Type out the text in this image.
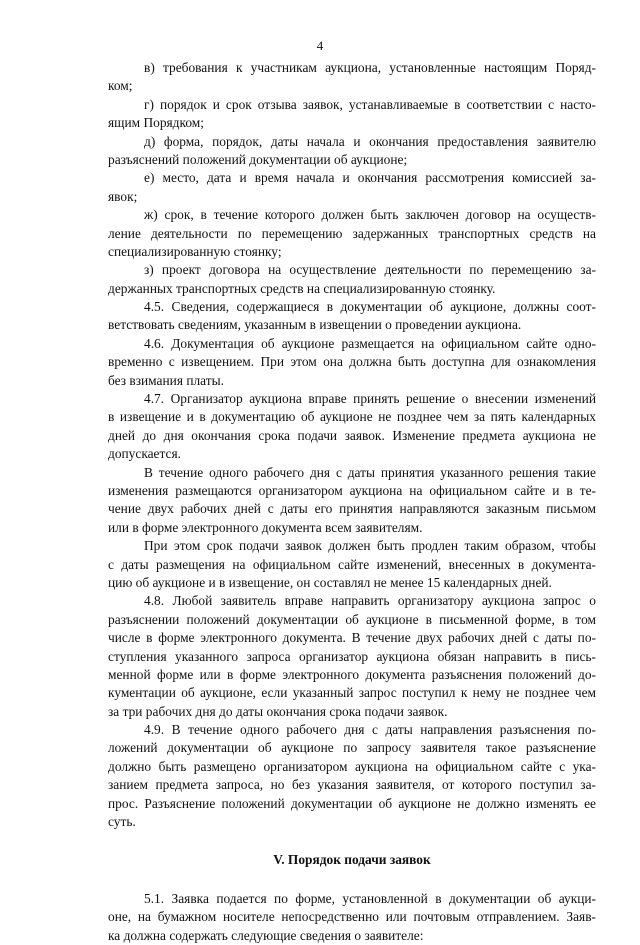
4
в) требования к участникам аукциона, установленные настоящим Поряд-
ком;
г) порядок и срок отзыва заявок, устанавливаемые в соответствии с насто-
ящим Порядком;
д) форма, порядок, даты начала и окончания предоставления заявителю
разъяснений положений документации об аукционе;
е) место, дата и время начала и окончания рассмотрения комиссией за-
явок;
ж) срок, в течение которого должен быть заключен договор на осуществ-
ление деятельности по перемещению задержанных транспортных средств на
специализированную стоянку;
з) проект договора на осуществление деятельности по перемещению за-
держанных транспортных средств на специализированную стоянку.
4.5. Сведения, содержащиеся в документации об аукционе, должны соот-
ветствовать сведениям, указанным в извещении о проведении аукциона.
4.6. Документация об аукционе размещается на официальном сайте одно-
временно с извещением. При этом она должна быть доступна для ознакомления
без взимания платы.
4.7. Организатор аукциона вправе принять решение о внесении изменений
в извещение и в документацию об аукционе не позднее чем за пять календарных
дней до дня окончания срока подачи заявок. Изменение предмета аукциона не
допускается.
В течение одного рабочего дня с даты принятия указанного решения такие
изменения размещаются организатором аукциона на официальном сайте и в те-
чение двух рабочих дней с даты его принятия направляются заказным письмом
или в форме электронного документа всем заявителям.
При этом срок подачи заявок должен быть продлен таким образом, чтобы
с даты размещения на официальном сайте изменений, внесенных в документа-
цию об аукционе и в извещение, он составлял не менее 15 календарных дней.
4.8. Любой заявитель вправе направить организатору аукциона запрос о
разъяснении положений документации об аукционе в письменной форме, в том
числе в форме электронного документа. В течение двух рабочих дней с даты по-
ступления указанного запроса организатор аукциона обязан направить в пись-
менной форме или в форме электронного документа разъяснения положений до-
кументации об аукционе, если указанный запрос поступил к нему не позднее чем
за три рабочих дня до даты окончания срока подачи заявок.
4.9. В течение одного рабочего дня с даты направления разъяснения по-
ложений документации об аукционе по запросу заявителя такое разъяснение
должно быть размещено организатором аукциона на официальном сайте с ука-
занием предмета запроса, но без указания заявителя, от которого поступил за-
прос. Разъяснение положений документации об аукционе не должно изменять ее
суть.
V. Порядок подачи заявок
5.1. Заявка подается по форме, установленной в документации об аукци-
оне, на бумажном носителе непосредственно или почтовым отправлением. Заяв-
ка должна содержать следующие сведения о заявителе:
